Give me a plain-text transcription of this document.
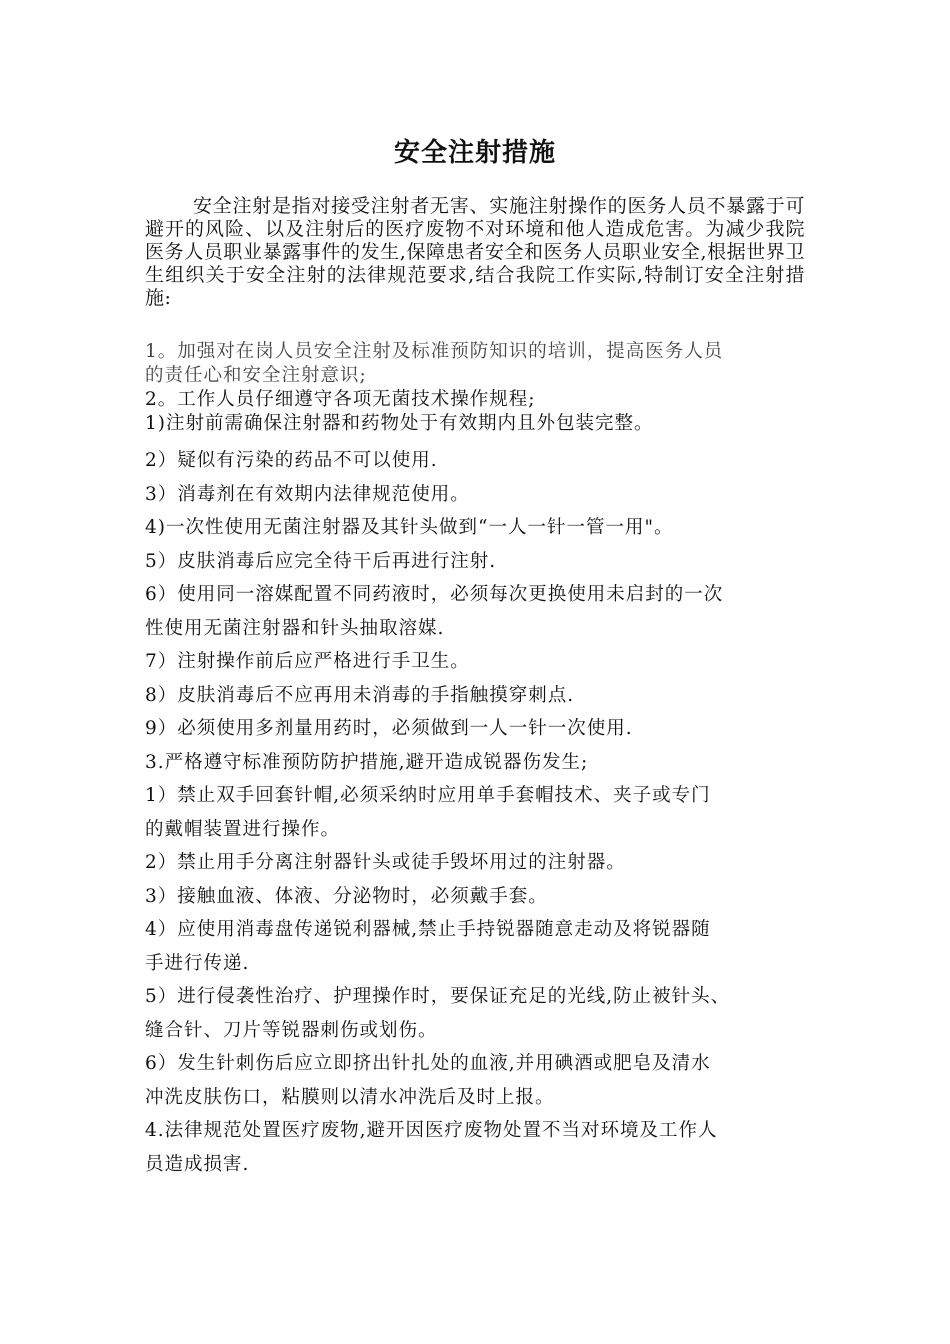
安全注射措施
安全注射是指对接受注射者无害、实施注射操作的医务人员不暴露于可避开的风险、以及注射后的医疗废物不对环境和他人造成危害。为减少我院医务人员职业暴露事件的发生,保障患者安全和医务人员职业安全,根据世界卫生组织关于安全注射的法律规范要求,结合我院工作实际,特制订安全注射措施:
1。加强对在岗人员安全注射及标准预防知识的培训，提高医务人员
的责任心和安全注射意识;
2。工作人员仔细遵守各项无菌技术操作规程;
1)注射前需确保注射器和药物处于有效期内且外包装完整。
2）疑似有污染的药品不可以使用.
3）消毒剂在有效期内法律规范使用。
4)一次性使用无菌注射器及其针头做到“一人一针一管一用"。
5）皮肤消毒后应完全待干后再进行注射.
6）使用同一溶媒配置不同药液时，必须每次更换使用未启封的一次
性使用无菌注射器和针头抽取溶媒.
7）注射操作前后应严格进行手卫生。
8）皮肤消毒后不应再用未消毒的手指触摸穿刺点.
9）必须使用多剂量用药时，必须做到一人一针一次使用.
3.严格遵守标准预防防护措施,避开造成锐器伤发生;
1）禁止双手回套针帽,必须采纳时应用单手套帽技术、夹子或专门
的戴帽装置进行操作。
2）禁止用手分离注射器针头或徒手毁坏用过的注射器。
3）接触血液、体液、分泌物时，必须戴手套。
4）应使用消毒盘传递锐利器械,禁止手持锐器随意走动及将锐器随
手进行传递.
5）进行侵袭性治疗、护理操作时，要保证充足的光线,防止被针头、
缝合针、刀片等锐器刺伤或划伤。
6）发生针刺伤后应立即挤出针扎处的血液,并用碘酒或肥皂及清水
冲洗皮肤伤口，粘膜则以清水冲洗后及时上报。
4.法律规范处置医疗废物,避开因医疗废物处置不当对环境及工作人
员造成损害.
